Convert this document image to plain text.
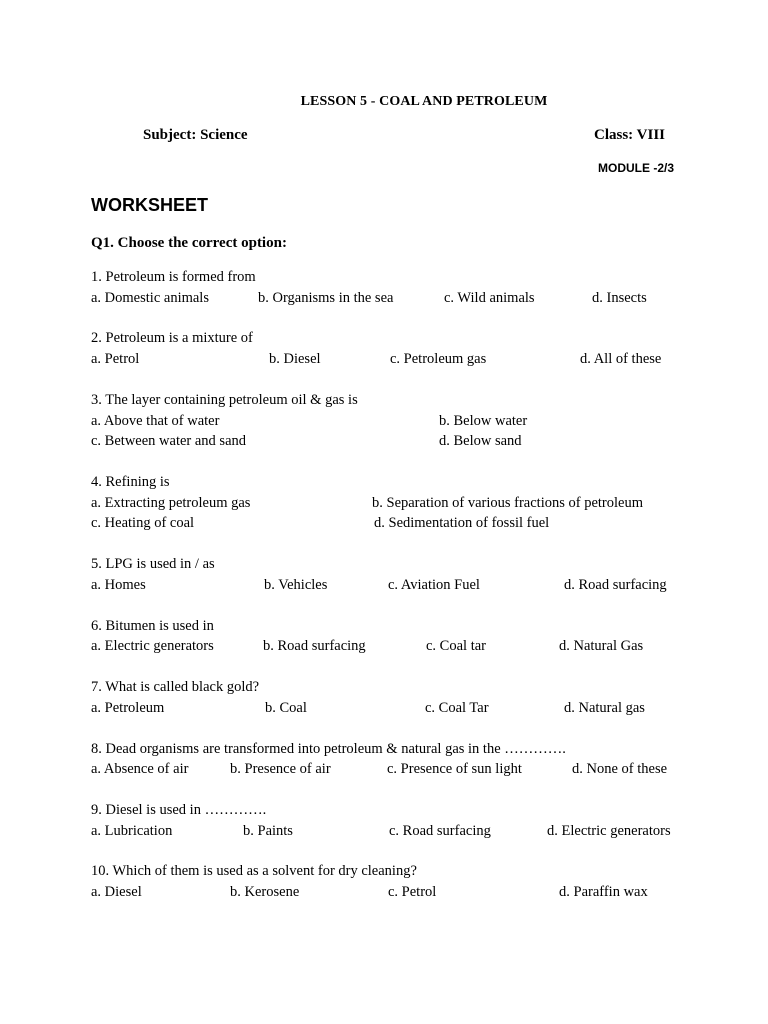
LESSON 5 - COAL AND PETROLEUM
Subject: Science	Class: VIII
MODULE -2/3
WORKSHEET
Q1. Choose the correct option:
1. Petroleum is formed from
a. Domestic animals	b. Organisms in the sea	c. Wild animals	d. Insects
2. Petroleum is a mixture of
a. Petrol	b. Diesel	c. Petroleum gas	d. All of these
3. The layer containing petroleum oil & gas is
a. Above that of water	b. Below water
c. Between water and sand	d. Below sand
4. Refining is
a. Extracting petroleum gas	b. Separation of various fractions of petroleum
c. Heating of coal	d. Sedimentation of fossil fuel
5. LPG is used in / as
a. Homes	b. Vehicles	c. Aviation Fuel	d. Road surfacing
6. Bitumen is used in
a. Electric generators	b. Road surfacing	c. Coal tar	d. Natural Gas
7. What is called black gold?
a. Petroleum	b. Coal	c. Coal Tar	d. Natural gas
8. Dead organisms are transformed into petroleum & natural gas in the ………….
a. Absence of air	b. Presence of air	c. Presence of sun light	d. None of these
9. Diesel is used in ………….
a. Lubrication	b. Paints	c. Road surfacing	d. Electric generators
10. Which of them is used as a solvent for dry cleaning?
a. Diesel	b. Kerosene	c. Petrol	d. Paraffin wax
